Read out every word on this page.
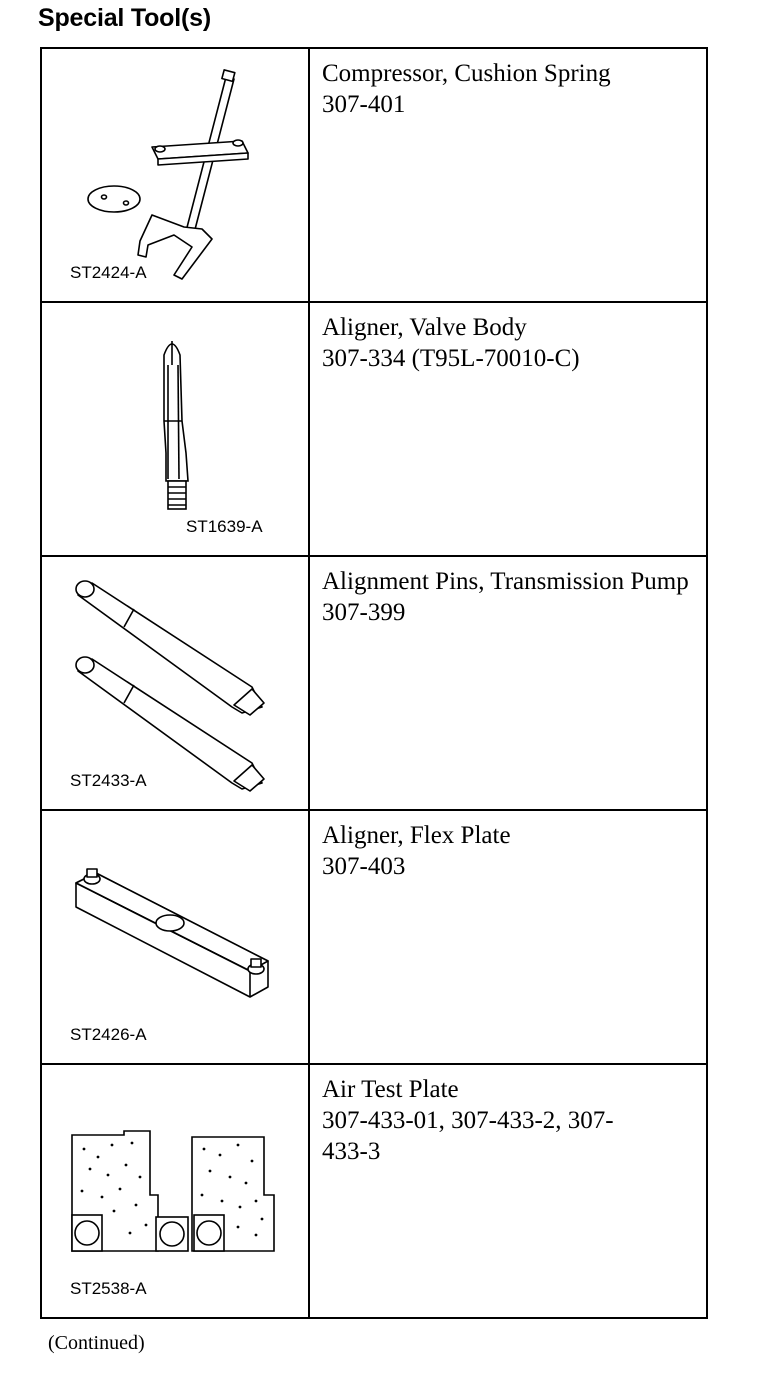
Special Tool(s)
ST2424-A	Compressor, Cushion Spring
307-401

ST1639-A	Aligner, Valve Body
307-334 (T95L-70010-C)

ST2433-A	Alignment Pins, Transmission Pump
307-399

ST2426-A	Aligner, Flex Plate
307-403

ST2538-A	Air Test Plate
307-433-01, 307-433-2, 307-433-3
(Continued)
